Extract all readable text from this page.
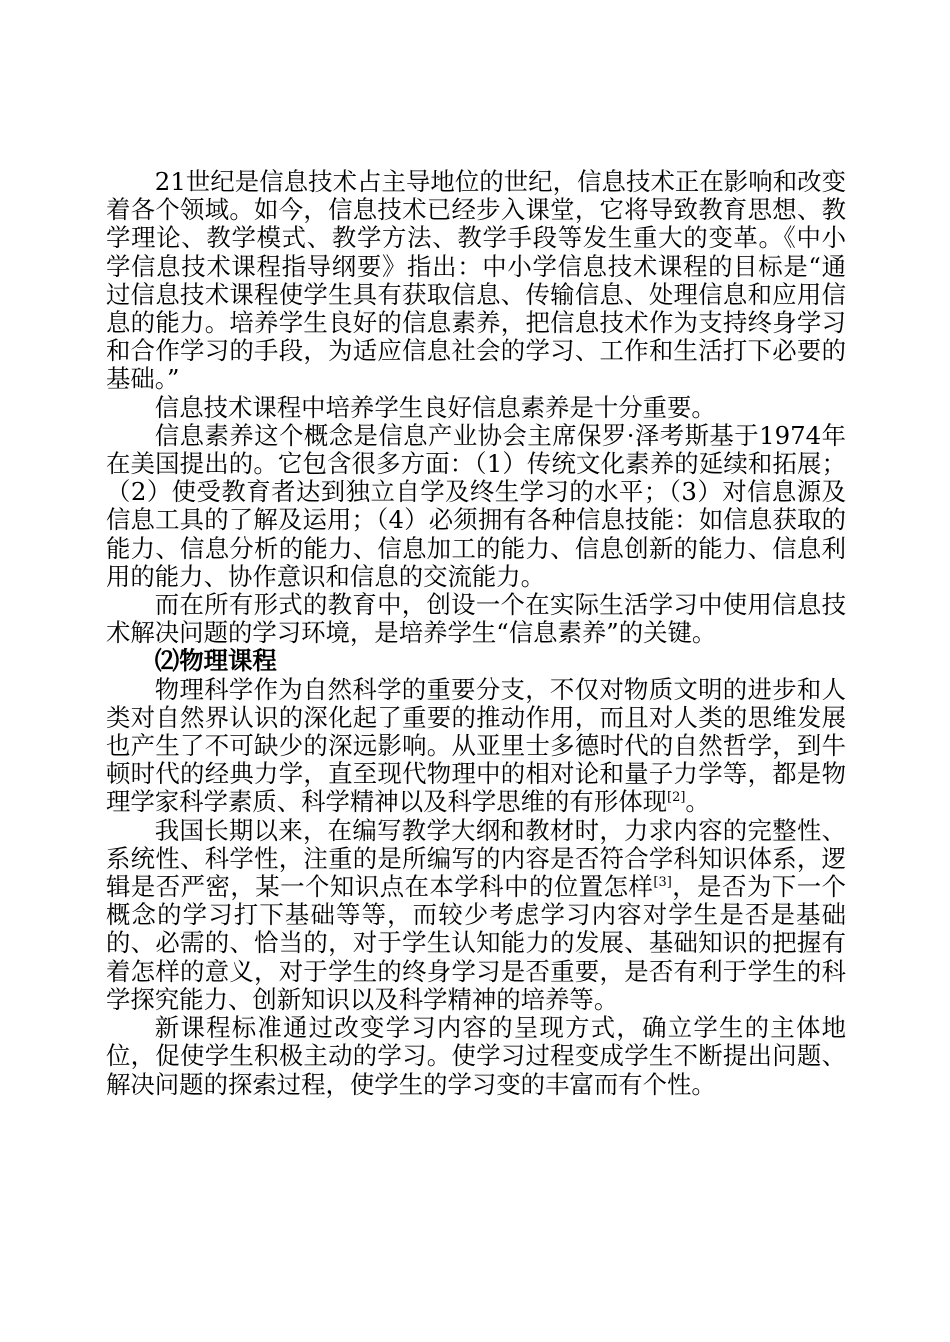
21世纪是信息技术占主导地位的世纪，信息技术正在影响和改变着各个领域。如今，信息技术已经步入课堂，它将导致教育思想、教学理论、教学模式、教学方法、教学手段等发生重大的变革。《中小学信息技术课程指导纲要》指出：中小学信息技术课程的目标是“通过信息技术课程使学生具有获取信息、传输信息、处理信息和应用信息的能力。培养学生良好的信息素养，把信息技术作为支持终身学习和合作学习的手段，为适应信息社会的学习、工作和生活打下必要的基础。”

信息技术课程中培养学生良好信息素养是十分重要。

信息素养这个概念是信息产业协会主席保罗·泽考斯基于1974年在美国提出的。它包含很多方面：（1）传统文化素养的延续和拓展；（2）使受教育者达到独立自学及终生学习的水平；（3）对信息源及信息工具的了解及运用；（4）必须拥有各种信息技能：如信息获取的能力、信息分析的能力、信息加工的能力、信息创新的能力、信息利用的能力、协作意识和信息的交流能力。

而在所有形式的教育中，创设一个在实际生活学习中使用信息技术解决问题的学习环境，是培养学生“信息素养”的关键。

⑵物理课程

物理科学作为自然科学的重要分支，不仅对物质文明的进步和人类对自然界认识的深化起了重要的推动作用，而且对人类的思维发展也产生了不可缺少的深远影响。从亚里士多德时代的自然哲学，到牛顿时代的经典力学，直至现代物理中的相对论和量子力学等，都是物理学家科学素质、科学精神以及科学思维的有形体现[2]。

我国长期以来，在编写教学大纲和教材时，力求内容的完整性、系统性、科学性，注重的是所编写的内容是否符合学科知识体系，逻辑是否严密，某一个知识点在本学科中的位置怎样[3]，是否为下一个概念的学习打下基础等等，而较少考虑学习内容对学生是否是基础的、必需的、恰当的，对于学生认知能力的发展、基础知识的把握有着怎样的意义，对于学生的终身学习是否重要，是否有利于学生的科学探究能力、创新知识以及科学精神的培养等。

新课程标准通过改变学习内容的呈现方式，确立学生的主体地位，促使学生积极主动的学习。使学习过程变成学生不断提出问题、解决问题的探索过程，使学生的学习变的丰富而有个性。
